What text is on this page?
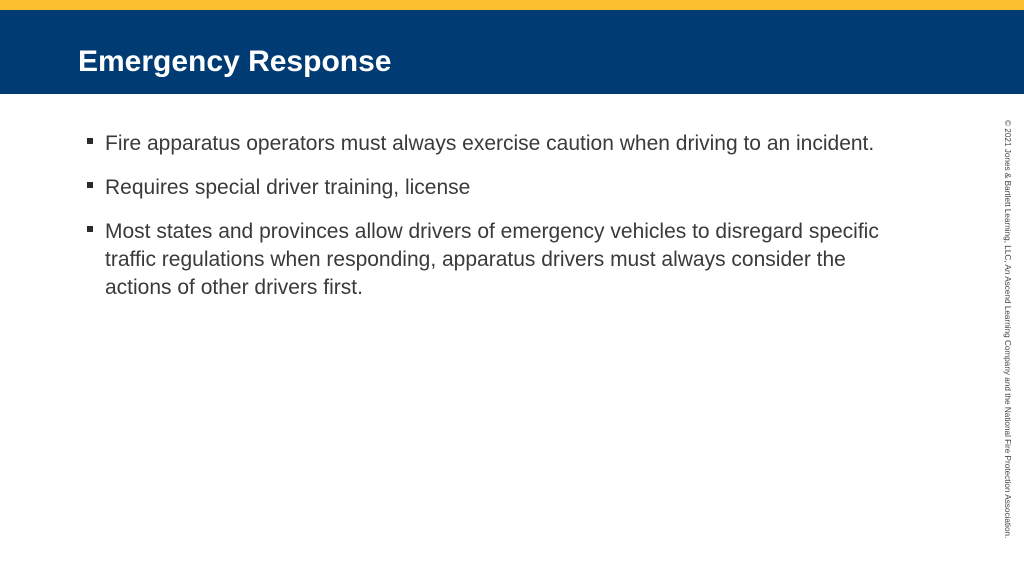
Emergency Response
Fire apparatus operators must always exercise caution when driving to an incident.
Requires special driver training, license
Most states and provinces allow drivers of emergency vehicles to disregard specific traffic regulations when responding, apparatus drivers must always consider the actions of other drivers first.	© 2021 Jones & Bartlett Learning, LLC, An Ascend Learning Company and the National Fire Protection Association.
